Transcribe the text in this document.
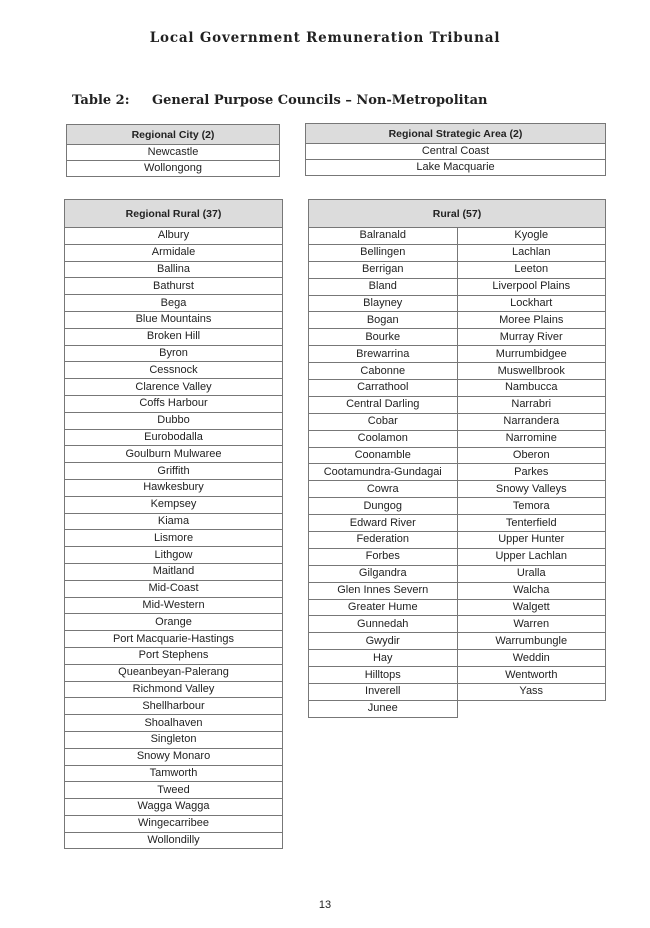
Local Government Remuneration Tribunal
Table 2: General Purpose Councils – Non-Metropolitan
Regional City (2)
Newcastle
Wollongong
Regional Strategic Area (2)
Central Coast
Lake Macquarie
Regional Rural (37)
Albury
Armidale
Ballina
Bathurst
Bega
Blue Mountains
Broken Hill
Byron
Cessnock
Clarence Valley
Coffs Harbour
Dubbo
Eurobodalla
Goulburn Mulwaree
Griffith
Hawkesbury
Kempsey
Kiama
Lismore
Lithgow
Maitland
Mid-Coast
Mid-Western
Orange
Port Macquarie-Hastings
Port Stephens
Queanbeyan-Palerang
Richmond Valley
Shellharbour
Shoalhaven
Singleton
Snowy Monaro
Tamworth
Tweed
Wagga Wagga
Wingecarribee
Wollondilly
Rural (57)	
Balranald	Kyogle
Bellingen	Lachlan
Berrigan	Leeton
Bland	Liverpool Plains
Blayney	Lockhart
Bogan	Moree Plains
Bourke	Murray River
Brewarrina	Murrumbidgee
Cabonne	Muswellbrook
Carrathool	Nambucca
Central Darling	Narrabri
Cobar	Narrandera
Coolamon	Narromine
Coonamble	Oberon
Cootamundra-Gundagai	Parkes
Cowra	Snowy Valleys
Dungog	Temora
Edward River	Tenterfield
Federation	Upper Hunter
Forbes	Upper Lachlan
Gilgandra	Uralla
Glen Innes Severn	Walcha
Greater Hume	Walgett
Gunnedah	Warren
Gwydir	Warrumbungle
Hay	Weddin
Hilltops	Wentworth
Inverell	Yass
Junee	
13
